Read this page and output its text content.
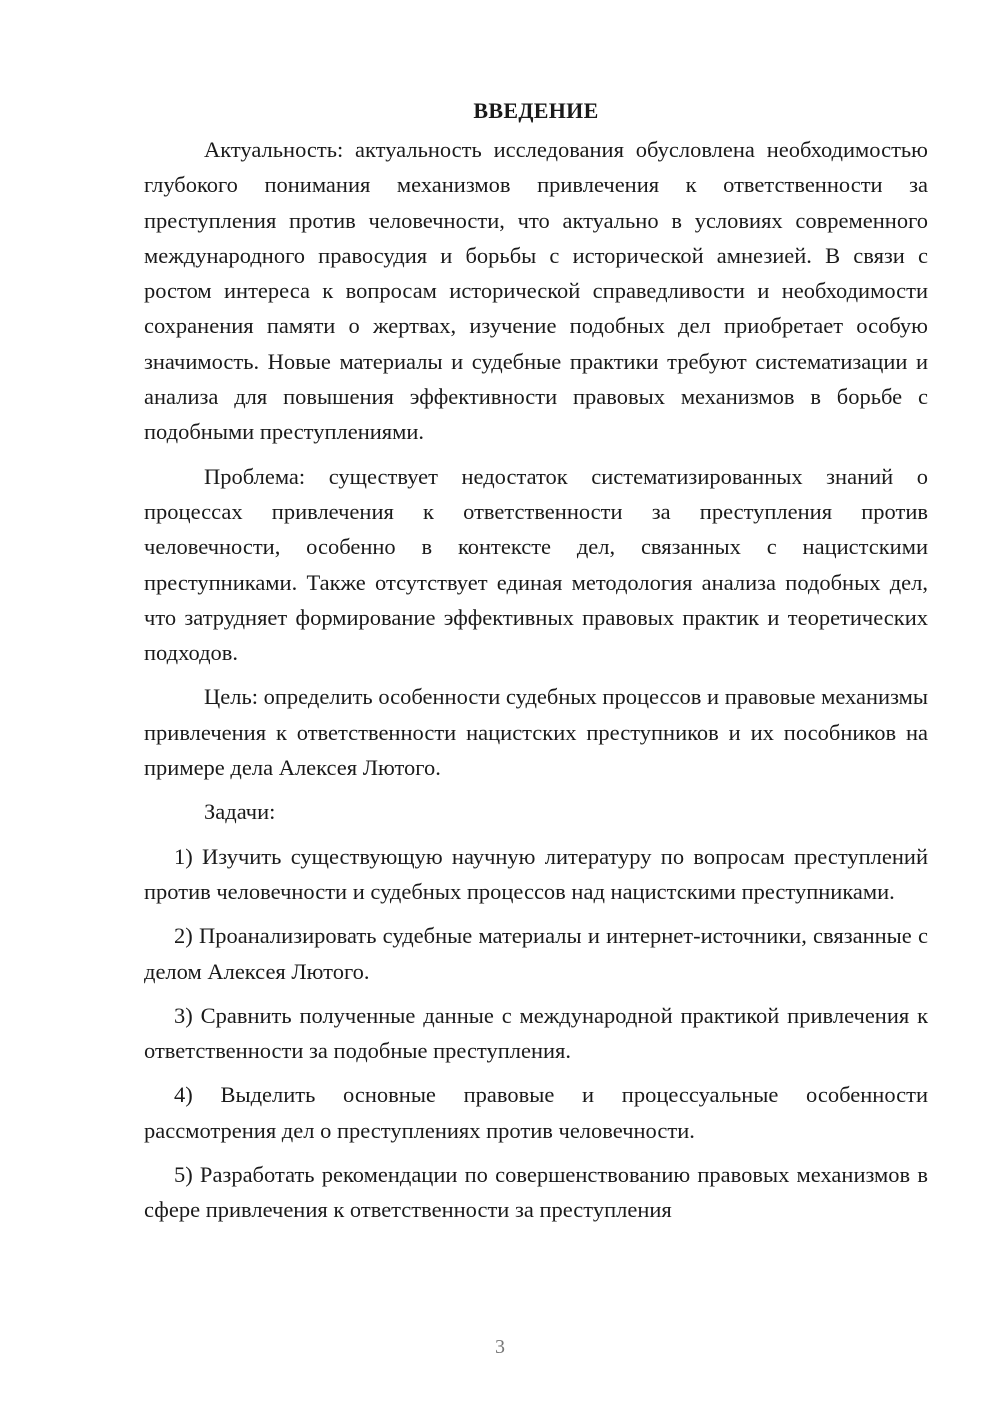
ВВЕДЕНИЕ

Актуальность: актуальность исследования обусловлена необходимостью глубокого понимания механизмов привлечения к ответственности за преступления против человечности, что актуально в условиях современного международного правосудия и борьбы с исторической амнезией. В связи с ростом интереса к вопросам исторической справедливости и необходимости сохранения памяти о жертвах, изучение подобных дел приобретает особую значимость. Новые материалы и судебные практики требуют систематизации и анализа для повышения эффективности правовых механизмов в борьбе с подобными преступлениями.

Проблема: существует недостаток систематизированных знаний о процессах привлечения к ответственности за преступления против человечности, особенно в контексте дел, связанных с нацистскими преступниками. Также отсутствует единая методология анализа подобных дел, что затрудняет формирование эффективных правовых практик и теоретических подходов.

Цель: определить особенности судебных процессов и правовые механизмы привлечения к ответственности нацистских преступников и их пособников на примере дела Алексея Лютого.

Задачи:

1) Изучить существующую научную литературу по вопросам преступлений против человечности и судебных процессов над нацистскими преступниками.

2) Проанализировать судебные материалы и интернет-источники, связанные с делом Алексея Лютого.

3) Сравнить полученные данные с международной практикой привлечения к ответственности за подобные преступления.

4) Выделить основные правовые и процессуальные особенности рассмотрения дел о преступлениях против человечности.

5) Разработать рекомендации по совершенствованию правовых механизмов в сфере привлечения к ответственности за преступления

3
